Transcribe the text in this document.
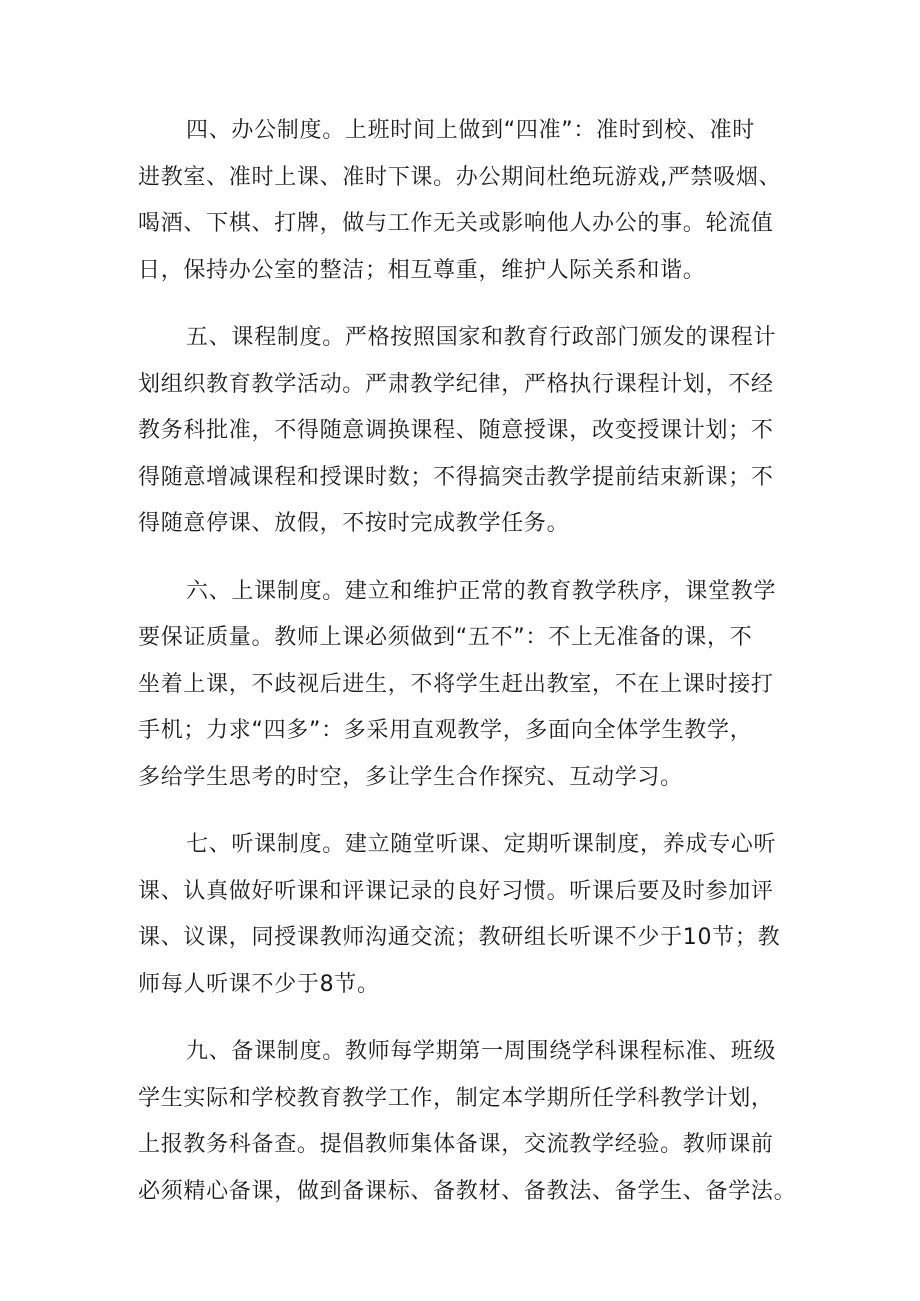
四、办公制度。上班时间上做到“四准”：准时到校、准时
进教室、准时上课、准时下课。办公期间杜绝玩游戏,严禁吸烟、
喝酒、下棋、打牌，做与工作无关或影响他人办公的事。轮流值
日，保持办公室的整洁；相互尊重，维护人际关系和谐。
五、课程制度。严格按照国家和教育行政部门颁发的课程计
划组织教育教学活动。严肃教学纪律，严格执行课程计划，不经
教务科批准，不得随意调换课程、随意授课，改变授课计划；不
得随意增减课程和授课时数；不得搞突击教学提前结束新课；不
得随意停课、放假，不按时完成教学任务。
六、上课制度。建立和维护正常的教育教学秩序，课堂教学
要保证质量。教师上课必须做到“五不”：不上无准备的课，不
坐着上课，不歧视后进生，不将学生赶出教室，不在上课时接打
手机；力求“四多”：多采用直观教学，多面向全体学生教学，
多给学生思考的时空，多让学生合作探究、互动学习。
七、听课制度。建立随堂听课、定期听课制度，养成专心听
课、认真做好听课和评课记录的良好习惯。听课后要及时参加评
课、议课，同授课教师沟通交流；教研组长听课不少于10节；教
师每人听课不少于8节。
九、备课制度。教师每学期第一周围绕学科课程标准、班级
学生实际和学校教育教学工作，制定本学期所任学科教学计划，
上报教务科备查。提倡教师集体备课，交流教学经验。教师课前
必须精心备课，做到备课标、备教材、备教法、备学生、备学法。
